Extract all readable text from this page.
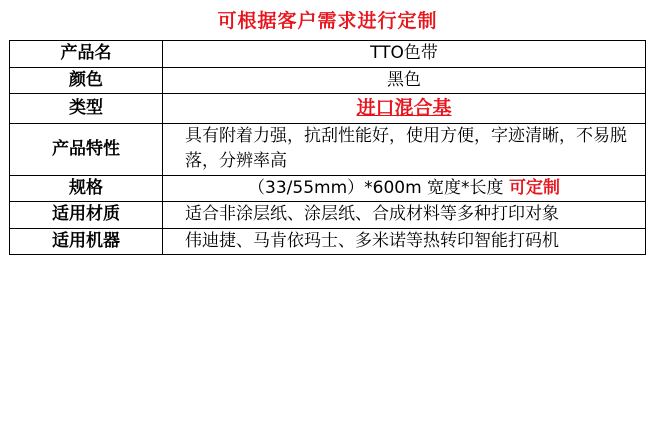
可根据客户需求进行定制
产品名	TTO色带
颜色	黑色
类型	进口混合基
产品特性	具有附着力强，抗刮性能好，使用方便，字迹清晰，不易脱落，分辨率高
规格	（33/55mm）*600m 宽度*长度 可定制
适用材质	适合非涂层纸、涂层纸、合成材料等多种打印对象
适用机器	伟迪捷、马肯依玛士、多米诺等热转印智能打码机
